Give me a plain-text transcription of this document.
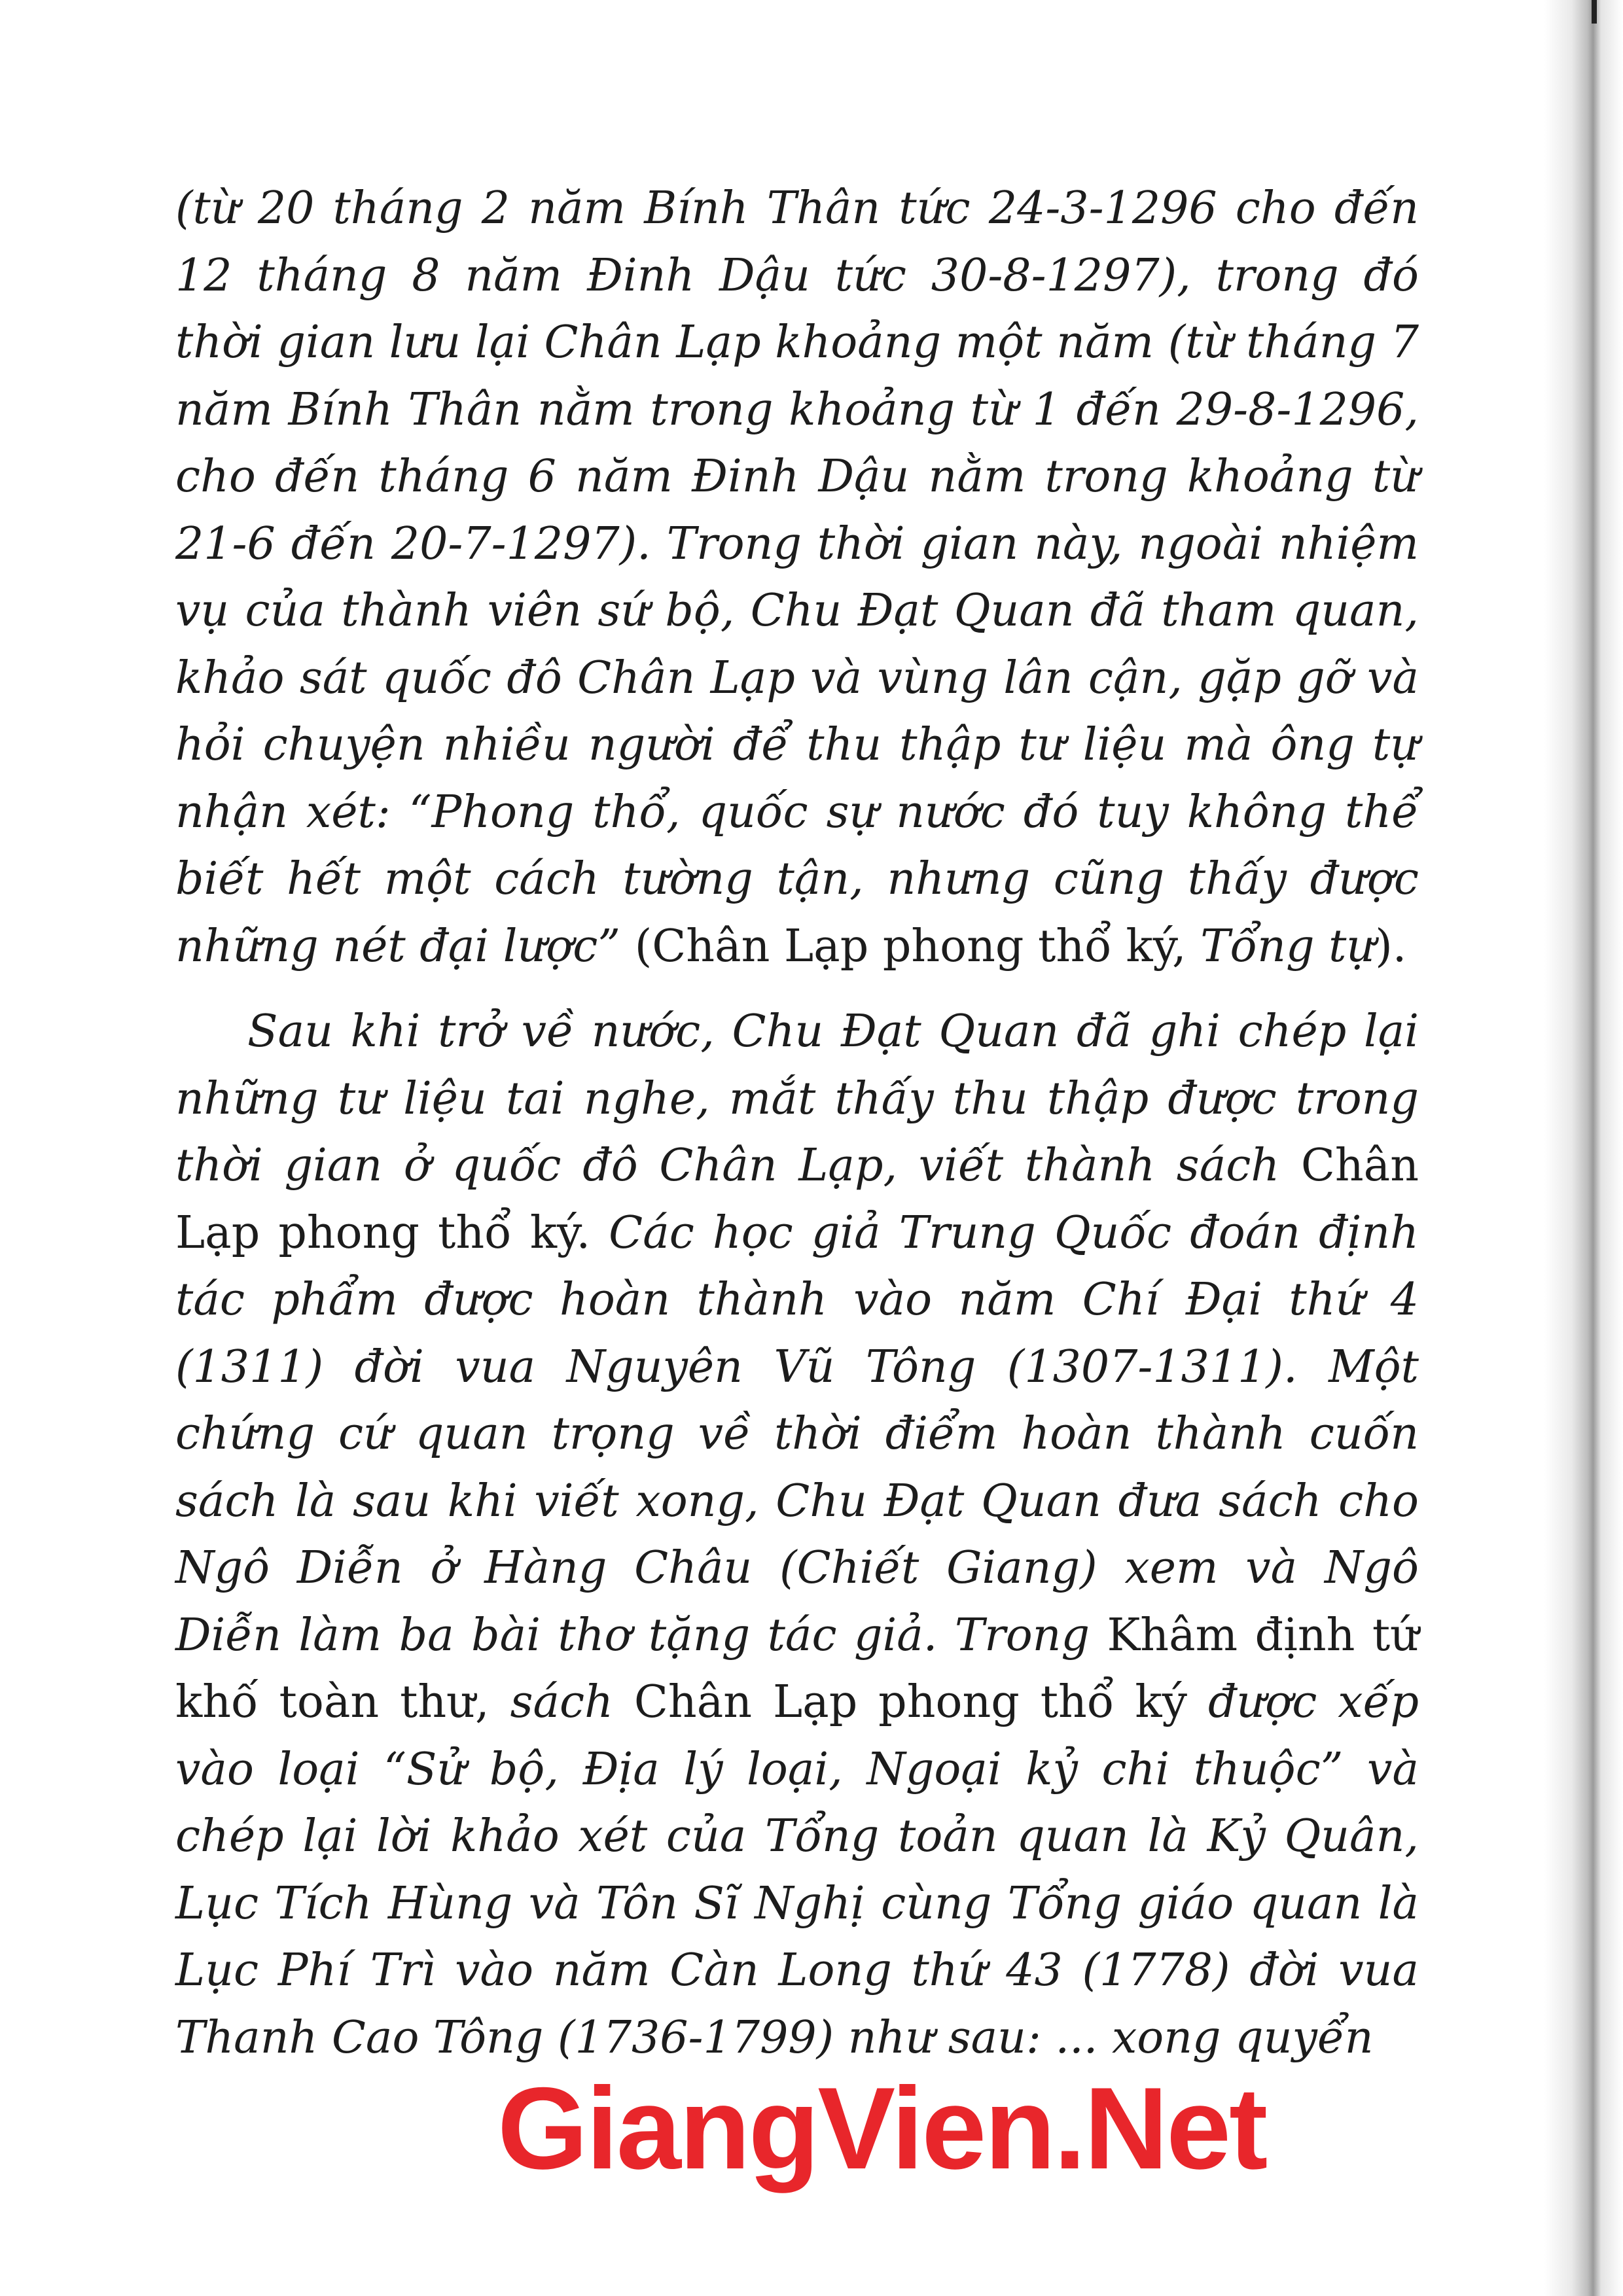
(từ 20 tháng 2 năm Bính Thân tức 24-3-1296 cho đến 12 tháng 8 năm Đinh Dậu tức 30-8-1297), trong đó thời gian lưu lại Chân Lạp khoảng một năm (từ tháng 7 năm Bính Thân nằm trong khoảng từ 1 đến 29-8-1296, cho đến tháng 6 năm Đinh Dậu nằm trong khoảng từ 21-6 đến 20-7-1297). Trong thời gian này, ngoài nhiệm vụ của thành viên sứ bộ, Chu Đạt Quan đã tham quan, khảo sát quốc đô Chân Lạp và vùng lân cận, gặp gỡ và hỏi chuyện nhiều người để thu thập tư liệu mà ông tự nhận xét: “Phong thổ, quốc sự nước đó tuy không thể biết hết một cách tường tận, nhưng cũng thấy được những nét đại lược” (Chân Lạp phong thổ ký, Tổng tự).

Sau khi trở về nước, Chu Đạt Quan đã ghi chép lại những tư liệu tai nghe, mắt thấy thu thập được trong thời gian ở quốc đô Chân Lạp, viết thành sách Chân Lạp phong thổ ký. Các học giả Trung Quốc đoán định tác phẩm được hoàn thành vào năm Chí Đại thứ 4 (1311) đời vua Nguyên Vũ Tông (1307-1311). Một chứng cứ quan trọng về thời điểm hoàn thành cuốn sách là sau khi viết xong, Chu Đạt Quan đưa sách cho Ngô Diễn ở Hàng Châu (Chiết Giang) xem và Ngô Diễn làm ba bài thơ tặng tác giả. Trong Khâm định tứ khố toàn thư, sách Chân Lạp phong thổ ký được xếp vào loại “Sử bộ, Địa lý loại, Ngoại kỷ chi thuộc” và chép lại lời khảo xét của Tổng toản quan là Kỷ Quân, Lục Tích Hùng và Tôn Sĩ Nghị cùng Tổng giáo quan là Lục Phí Trì vào năm Càn Long thứ 43 (1778) đời vua Thanh Cao Tông (1736-1799) như sau: ... xong quyển

GiangVien.Net
